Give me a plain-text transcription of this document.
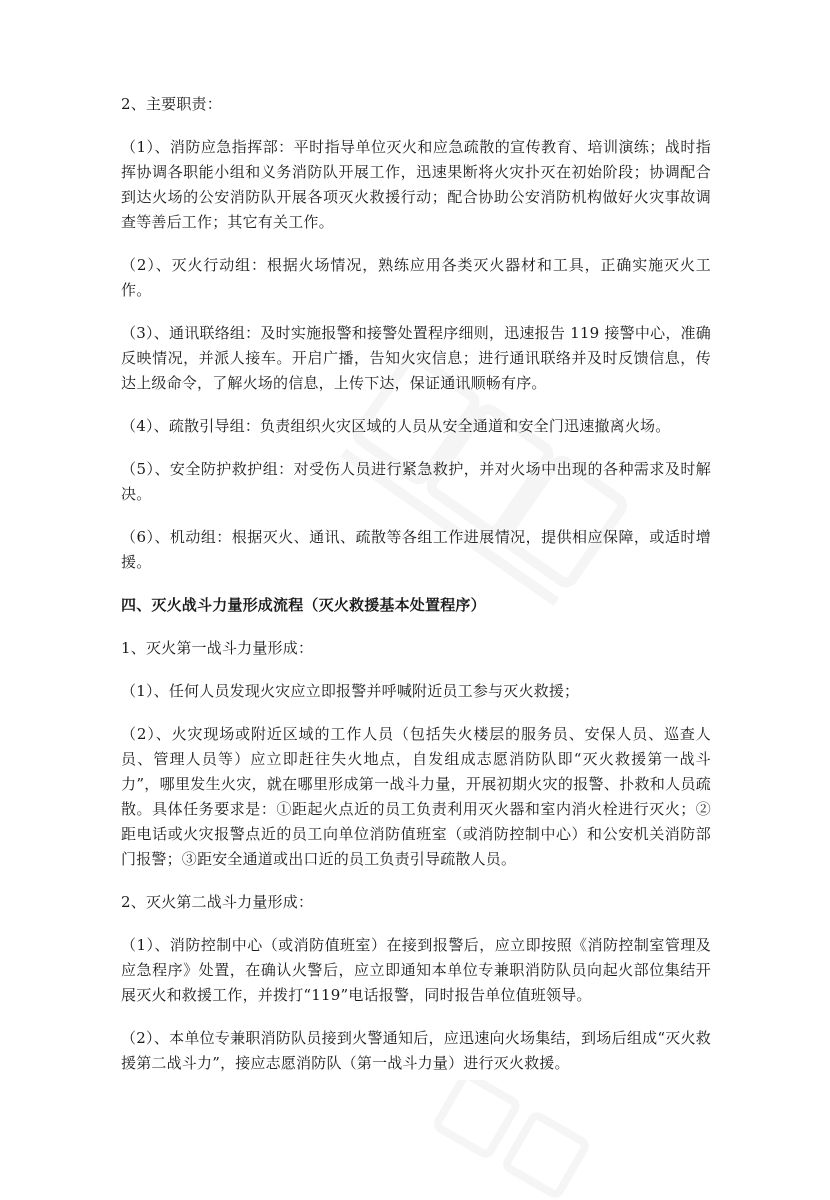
2、主要职责：

（1）、消防应急指挥部：平时指导单位灭火和应急疏散的宣传教育、培训演练；战时指挥协调各职能小组和义务消防队开展工作，迅速果断将火灾扑灭在初始阶段；协调配合到达火场的公安消防队开展各项灭火救援行动；配合协助公安消防机构做好火灾事故调查等善后工作；其它有关工作。

（2）、灭火行动组：根据火场情况，熟练应用各类灭火器材和工具，正确实施灭火工作。

（3）、通讯联络组：及时实施报警和接警处置程序细则，迅速报告 119 接警中心，准确反映情况，并派人接车。开启广播，告知火灾信息；进行通讯联络并及时反馈信息，传达上级命令，了解火场的信息，上传下达，保证通讯顺畅有序。

（4）、疏散引导组：负责组织火灾区域的人员从安全通道和安全门迅速撤离火场。

（5）、安全防护救护组：对受伤人员进行紧急救护，并对火场中出现的各种需求及时解决。

（6）、机动组：根据灭火、通讯、疏散等各组工作进展情况，提供相应保障，或适时增援。

四、灭火战斗力量形成流程（灭火救援基本处置程序）

1、灭火第一战斗力量形成：

（1）、任何人员发现火灾应立即报警并呼喊附近员工参与灭火救援；

（2）、火灾现场或附近区域的工作人员（包括失火楼层的服务员、安保人员、巡查人员、管理人员等）应立即赶往失火地点，自发组成志愿消防队即“灭火救援第一战斗力”，哪里发生火灾，就在哪里形成第一战斗力量，开展初期火灾的报警、扑救和人员疏散。具体任务要求是：①距起火点近的员工负责利用灭火器和室内消火栓进行灭火；②距电话或火灾报警点近的员工向单位消防值班室（或消防控制中心）和公安机关消防部门报警；③距安全通道或出口近的员工负责引导疏散人员。

2、灭火第二战斗力量形成：

（1）、消防控制中心（或消防值班室）在接到报警后，应立即按照《消防控制室管理及应急程序》处置，在确认火警后，应立即通知本单位专兼职消防队员向起火部位集结开展灭火和救援工作，并拨打“119”电话报警，同时报告单位值班领导。

（2）、本单位专兼职消防队员接到火警通知后，应迅速向火场集结，到场后组成“灭火救援第二战斗力”，接应志愿消防队（第一战斗力量）进行灭火救援。
